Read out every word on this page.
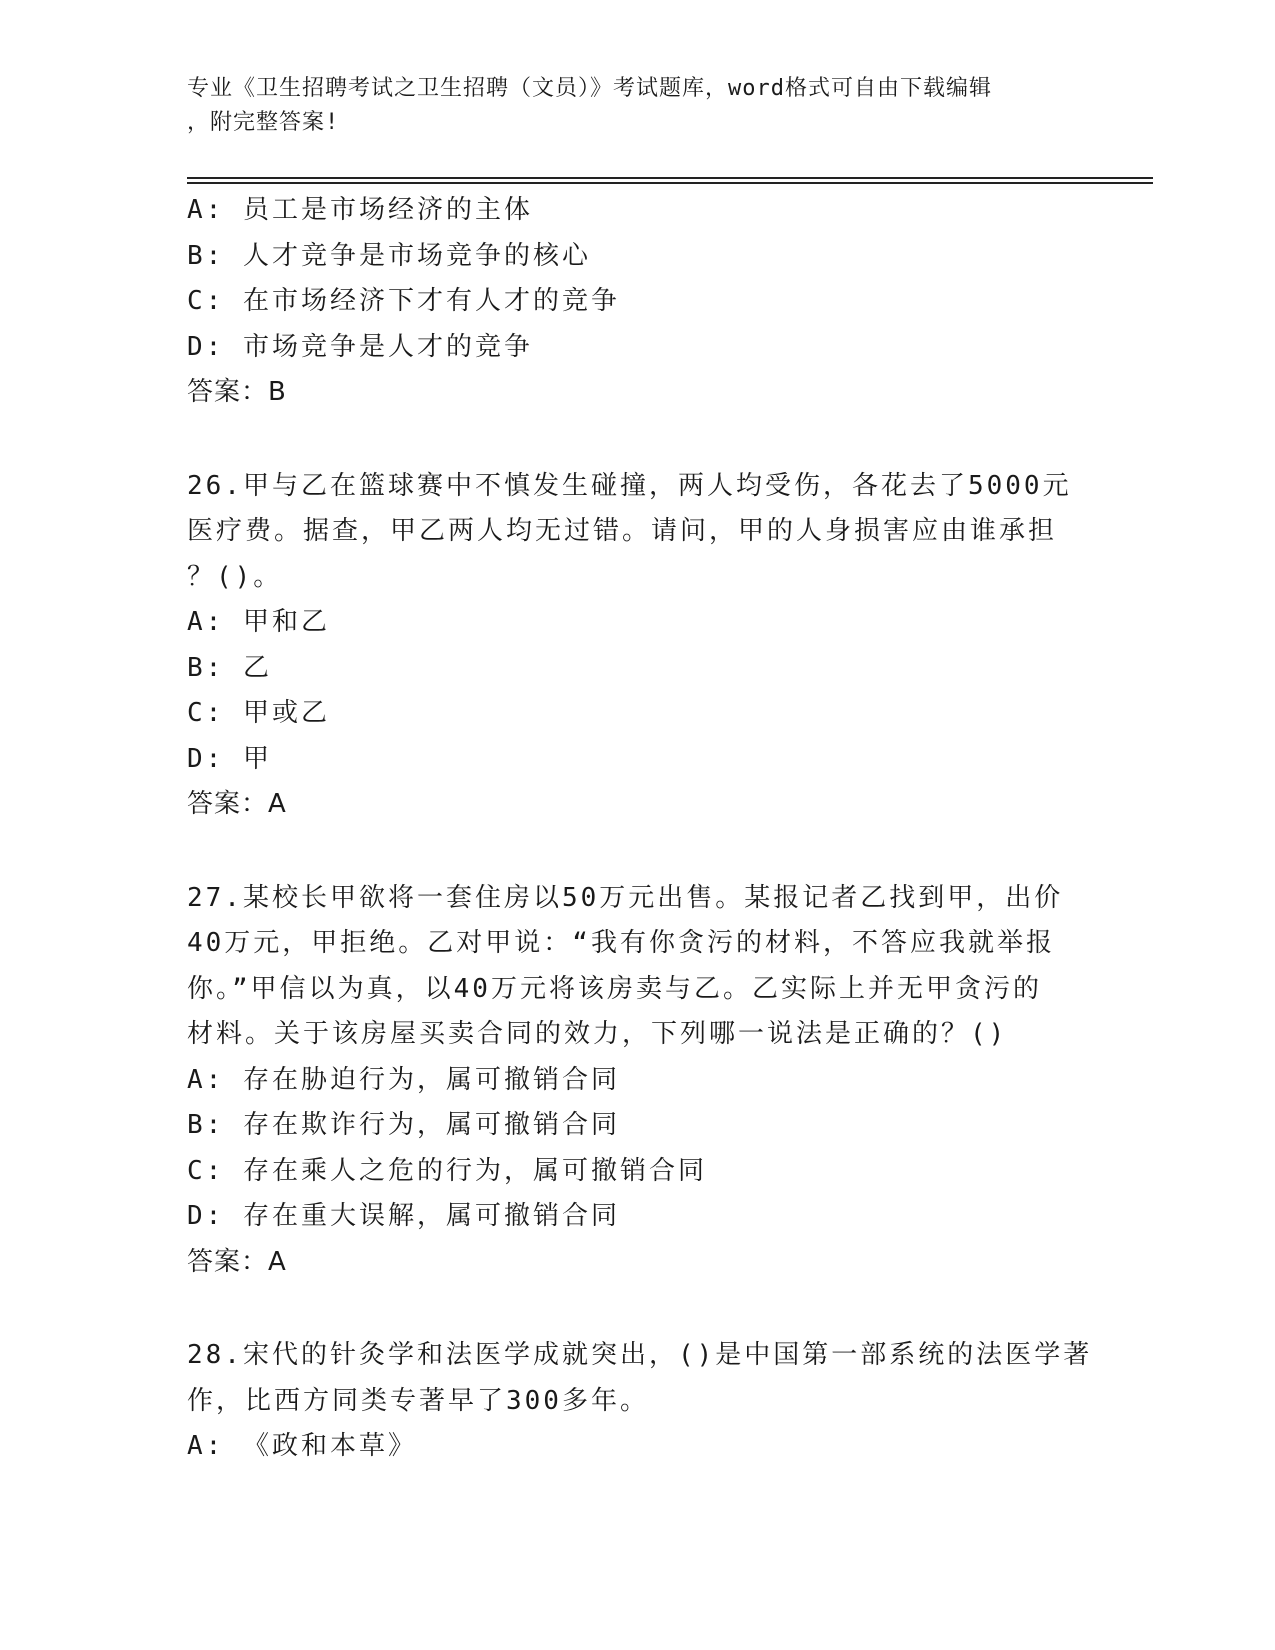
专业《卫生招聘考试之卫生招聘（文员）》考试题库，word格式可自由下载编辑
，附完整答案!
A: 员工是市场经济的主体
B: 人才竞争是市场竞争的核心
C: 在市场经济下才有人才的竞争
D: 市场竞争是人才的竞争
答案：B
26.甲与乙在篮球赛中不慎发生碰撞，两人均受伤，各花去了5000元
医疗费。据查，甲乙两人均无过错。请问，甲的人身损害应由谁承担
？()。
A: 甲和乙
B: 乙
C: 甲或乙
D: 甲
答案：A
27.某校长甲欲将一套住房以50万元出售。某报记者乙找到甲，出价
40万元，甲拒绝。乙对甲说：“我有你贪污的材料，不答应我就举报
你。”甲信以为真，以40万元将该房卖与乙。乙实际上并无甲贪污的
材料。关于该房屋买卖合同的效力，下列哪一说法是正确的？()
A: 存在胁迫行为，属可撤销合同
B: 存在欺诈行为，属可撤销合同
C: 存在乘人之危的行为，属可撤销合同
D: 存在重大误解，属可撤销合同
答案：A
28.宋代的针灸学和法医学成就突出，()是中国第一部系统的法医学著
作，比西方同类专著早了300多年。
A: 《政和本草》
